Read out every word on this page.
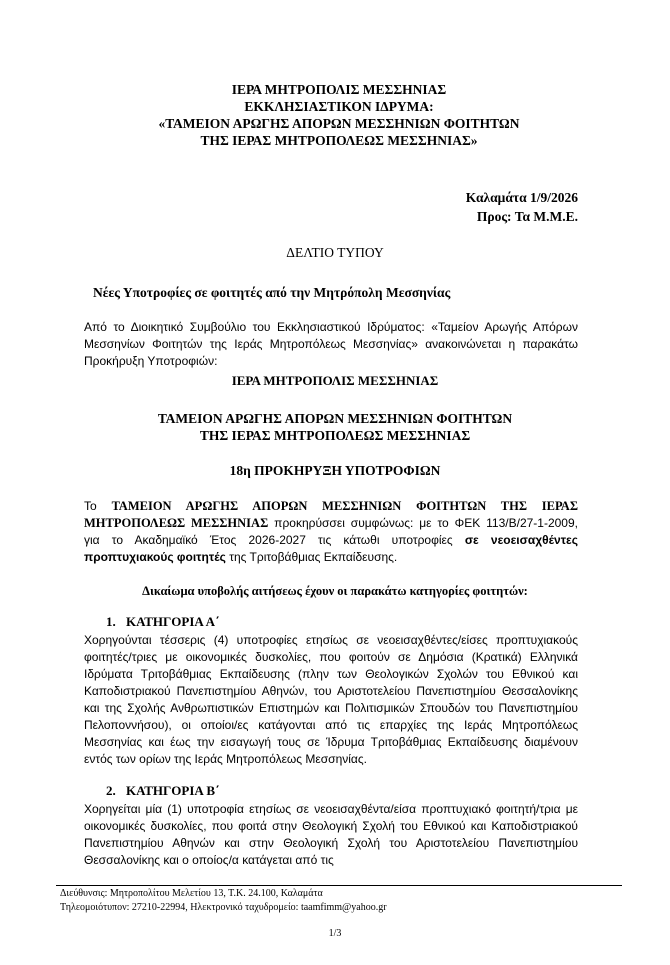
ΙΕΡΑ ΜΗΤΡΟΠΟΛΙΣ ΜΕΣΣΗΝΙΑΣ
ΕΚΚΛΗΣΙΑΣΤΙΚΟΝ ΙΔΡΥΜΑ:
«ΤΑΜΕΙΟΝ ΑΡΩΓΗΣ ΑΠΟΡΩΝ ΜΕΣΣΗΝΙΩΝ ΦΟΙΤΗΤΩΝ
ΤΗΣ ΙΕΡΑΣ ΜΗΤΡΟΠΟΛΕΩΣ ΜΕΣΣΗΝΙΑΣ»
Καλαμάτα 1/9/2026
Προς: Τα Μ.Μ.Ε.
ΔΕΛΤΙΟ ΤΥΠΟΥ
Νέες Υποτροφίες σε φοιτητές από την Μητρόπολη Μεσσηνίας
Από το Διοικητικό Συμβούλιο του Εκκλησιαστικού Ιδρύματος: «Ταμείον Αρωγής Απόρων Μεσσηνίων Φοιτητών της Ιεράς Μητροπόλεως Μεσσηνίας» ανακοινώνεται η παρακάτω Προκήρυξη Υποτροφιών:
ΙΕΡΑ ΜΗΤΡΟΠΟΛΙΣ ΜΕΣΣΗΝΙΑΣ
ΤΑΜΕΙΟΝ ΑΡΩΓΗΣ ΑΠΟΡΩΝ ΜΕΣΣΗΝΙΩΝ ΦΟΙΤΗΤΩΝ
ΤΗΣ ΙΕΡΑΣ ΜΗΤΡΟΠΟΛΕΩΣ ΜΕΣΣΗΝΙΑΣ
18η ΠΡΟΚΗΡΥΞΗ ΥΠΟΤΡΟΦΙΩΝ
Το ΤΑΜΕΙΟΝ ΑΡΩΓΗΣ ΑΠΟΡΩΝ ΜΕΣΣΗΝΙΩΝ ΦΟΙΤΗΤΩΝ ΤΗΣ ΙΕΡΑΣ ΜΗΤΡΟΠΟΛΕΩΣ ΜΕΣΣΗΝΙΑΣ προκηρύσσει συμφώνως: με το ΦΕΚ 113/Β/27-1-2009, για το Ακαδημαϊκό Έτος 2026-2027 τις κάτωθι υποτροφίες σε νεοεισαχθέντες προπτυχιακούς φοιτητές της Τριτοβάθμιας Εκπαίδευσης.
Δικαίωμα υποβολής αιτήσεως έχουν οι παρακάτω κατηγορίες φοιτητών:
1. ΚΑΤΗΓΟΡΙΑ Α΄
Χορηγούνται τέσσερις (4) υποτροφίες ετησίως σε νεοεισαχθέντες/είσες προπτυχιακούς φοιτητές/τριες με οικονομικές δυσκολίες, που φοιτούν σε Δημόσια (Κρατικά) Ελληνικά Ιδρύματα Τριτοβάθμιας Εκπαίδευσης (πλην των Θεολογικών Σχολών του Εθνικού και Καποδιστριακού Πανεπιστημίου Αθηνών, του Αριστοτελείου Πανεπιστημίου Θεσσαλονίκης και της Σχολής Ανθρωπιστικών Επιστημών και Πολιτισμικών Σπουδών του Πανεπιστημίου Πελοποννήσου), οι οποίοι/ες κατάγονται από τις επαρχίες της Ιεράς Μητροπόλεως Μεσσηνίας και έως την εισαγωγή τους σε Ίδρυμα Τριτοβάθμιας Εκπαίδευσης διαμένουν εντός των ορίων της Ιεράς Μητροπόλεως Μεσσηνίας.
2. ΚΑΤΗΓΟΡΙΑ Β΄
Χορηγείται μία (1) υποτροφία ετησίως σε νεοεισαχθέντα/είσα προπτυχιακό φοιτητή/τρια με οικονομικές δυσκολίες, που φοιτά στην Θεολογική Σχολή του Εθνικού και Καποδιστριακού Πανεπιστημίου Αθηνών και στην Θεολογική Σχολή του Αριστοτελείου Πανεπιστημίου Θεσσαλονίκης και ο οποίος/α κατάγεται από τις
Διεύθυνσις: Μητροπολίτου Μελετίου 13, Τ.Κ. 24.100, Καλαμάτα
Τηλεομοιότυπον: 27210-22994, Ηλεκτρονικό ταχυδρομείο: taamfimm@yahoo.gr
1/3
